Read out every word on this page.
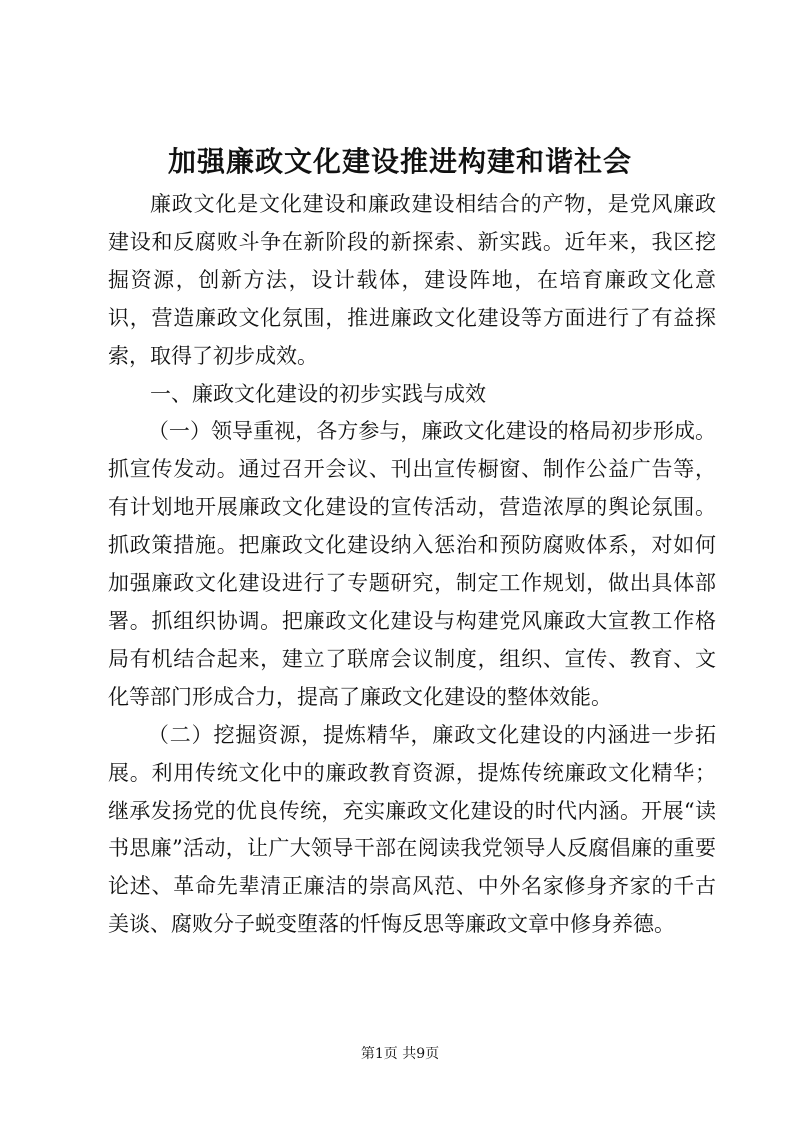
加强廉政文化建设推进构建和谐社会

廉政文化是文化建设和廉政建设相结合的产物，是党风廉政建设和反腐败斗争在新阶段的新探索、新实践。近年来，我区挖掘资源，创新方法，设计载体，建设阵地，在培育廉政文化意识，营造廉政文化氛围，推进廉政文化建设等方面进行了有益探索，取得了初步成效。

一、廉政文化建设的初步实践与成效

（一）领导重视，各方参与，廉政文化建设的格局初步形成。抓宣传发动。通过召开会议、刊出宣传橱窗、制作公益广告等，有计划地开展廉政文化建设的宣传活动，营造浓厚的舆论氛围。抓政策措施。把廉政文化建设纳入惩治和预防腐败体系，对如何加强廉政文化建设进行了专题研究，制定工作规划，做出具体部署。抓组织协调。把廉政文化建设与构建党风廉政大宣教工作格局有机结合起来，建立了联席会议制度，组织、宣传、教育、文化等部门形成合力，提高了廉政文化建设的整体效能。

（二）挖掘资源，提炼精华，廉政文化建设的内涵进一步拓展。利用传统文化中的廉政教育资源，提炼传统廉政文化精华；继承发扬党的优良传统，充实廉政文化建设的时代内涵。开展“读书思廉”活动，让广大领导干部在阅读我党领导人反腐倡廉的重要论述、革命先辈清正廉洁的崇高风范、中外名家修身齐家的千古美谈、腐败分子蜕变堕落的忏悔反思等廉政文章中修身养德。

第1页 共9页
